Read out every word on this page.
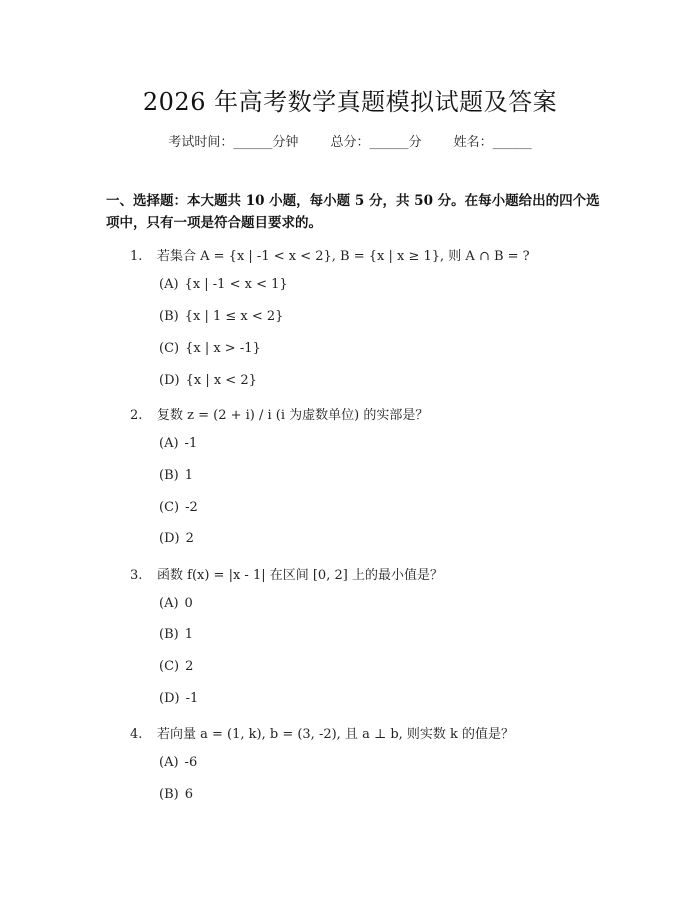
2026 年高考数学真题模拟试题及答案
考试时间：______分钟 总分：______分 姓名：______
一、选择题：本大题共 10 小题，每小题 5 分，共 50 分。在每小题给出的四个选项中，只有一项是符合题目要求的。
1. 若集合 A = {x | -1 < x < 2}, B = {x | x ≥ 1}, 则 A ∩ B = ?
(A) {x | -1 < x < 1}
(B) {x | 1 ≤ x < 2}
(C) {x | x > -1}
(D) {x | x < 2}
2. 复数 z = (2 + i) / i (i 为虚数单位) 的实部是？
(A) -1
(B) 1
(C) -2
(D) 2
3. 函数 f(x) = |x - 1| 在区间 [0, 2] 上的最小值是？
(A) 0
(B) 1
(C) 2
(D) -1
4. 若向量 a = (1, k), b = (3, -2), 且 a ⊥ b, 则实数 k 的值是？
(A) -6
(B) 6
